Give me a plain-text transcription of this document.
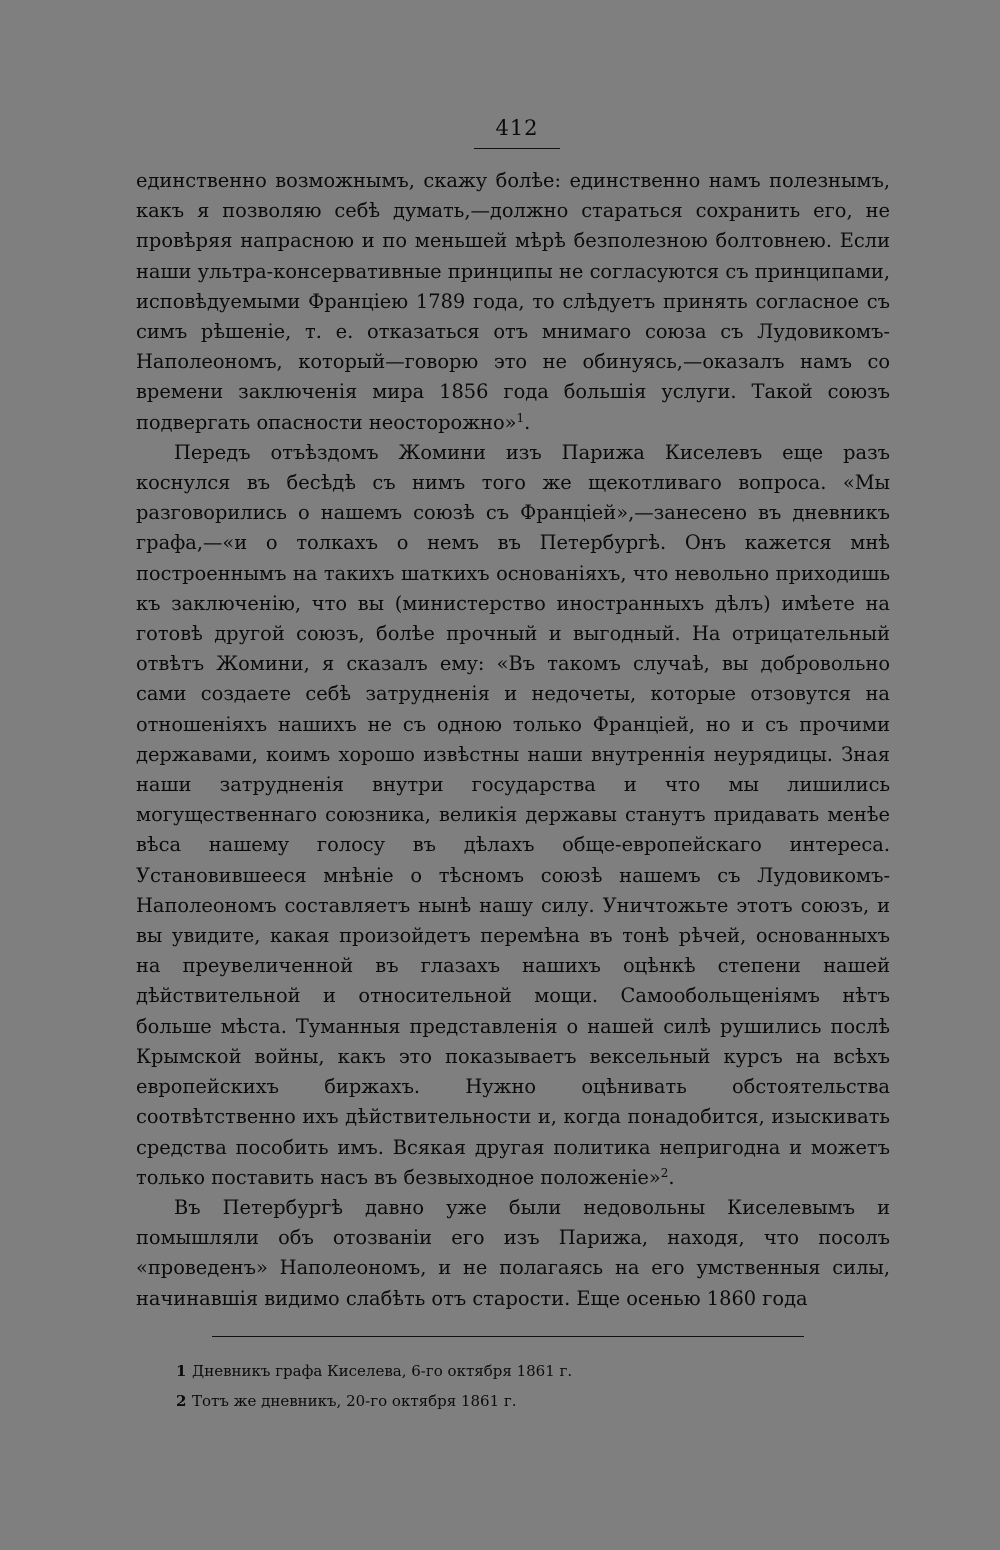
412

единственно возможнымъ, скажу болѣе: единственно намъ полезнымъ, какъ я позволяю себѣ думать,—должно стараться сохранить его, не провѣряя напрасною и по меньшей мѣрѣ безполезною болтовнею. Если наши ультра-консервативные принципы не согласуются съ принципами, исповѣдуемыми Франціею 1789 года, то слѣдуетъ принять согласное съ симъ рѣшеніе, т. е. отказаться отъ мнимаго союза съ Лудовикомъ-Наполеономъ, который—говорю это не обинуясь,—оказалъ намъ со времени заключенія мира 1856 года большія услуги. Такой союзъ подвергать опасности неосторожно»$^1$.

Передъ отъѣздомъ Жомини изъ Парижа Киселевъ еще разъ коснулся въ бесѣдѣ съ нимъ того же щекотливаго вопроса. «Мы разговорились о нашемъ союзѣ съ Франціей»,—занесено въ дневникъ графа,—«и о толкахъ о немъ въ Петербургѣ. Онъ кажется мнѣ построеннымъ на такихъ шаткихъ основаніяхъ, что невольно приходишь къ заключенію, что вы (министерство иностранныхъ дѣлъ) имѣете на готовѣ другой союзъ, болѣе прочный и выгодный. На отрицательный отвѣтъ Жомини, я сказалъ ему: «Въ такомъ случаѣ, вы добровольно сами создаете себѣ затрудненія и недочеты, которые отзовутся на отношеніяхъ нашихъ не съ одною только Франціей, но и съ прочими державами, коимъ хорошо извѣстны наши внутреннія неурядицы. Зная наши затрудненія внутри государства и что мы лишились могущественнаго союзника, великія державы станутъ придавать менѣе вѣса нашему голосу въ дѣлахъ обще-европейскаго интереса. Установившееся мнѣніе о тѣсномъ союзѣ нашемъ съ Лудовикомъ-Наполеономъ составляетъ нынѣ нашу силу. Уничтожьте этотъ союзъ, и вы увидите, какая произойдетъ перемѣна въ тонѣ рѣчей, основанныхъ на преувеличенной въ глазахъ нашихъ оцѣнкѣ степени нашей дѣйствительной и относительной мощи. Самообольщеніямъ нѣтъ больше мѣста. Туманныя представленія о нашей силѣ рушились послѣ Крымской войны, какъ это показываетъ вексельный курсъ на всѣхъ европейскихъ биржахъ. Нужно оцѣнивать обстоятельства соотвѣтственно ихъ дѣйствительности и, когда понадобится, изыскивать средства пособить имъ. Всякая другая политика непригодна и можетъ только поставить насъ въ безвыходное положеніе»$^2$.

Въ Петербургѣ давно уже были недовольны Киселевымъ и помышляли объ отозваніи его изъ Парижа, находя, что посолъ «проведенъ» Наполеономъ, и не полагаясь на его умственныя силы, начинавшія видимо слабѣть отъ старости. Еще осенью 1860 года

1 Дневникъ графа Киселева, 6-го октября 1861 г.
2 Тотъ же дневникъ, 20-го октября 1861 г.
